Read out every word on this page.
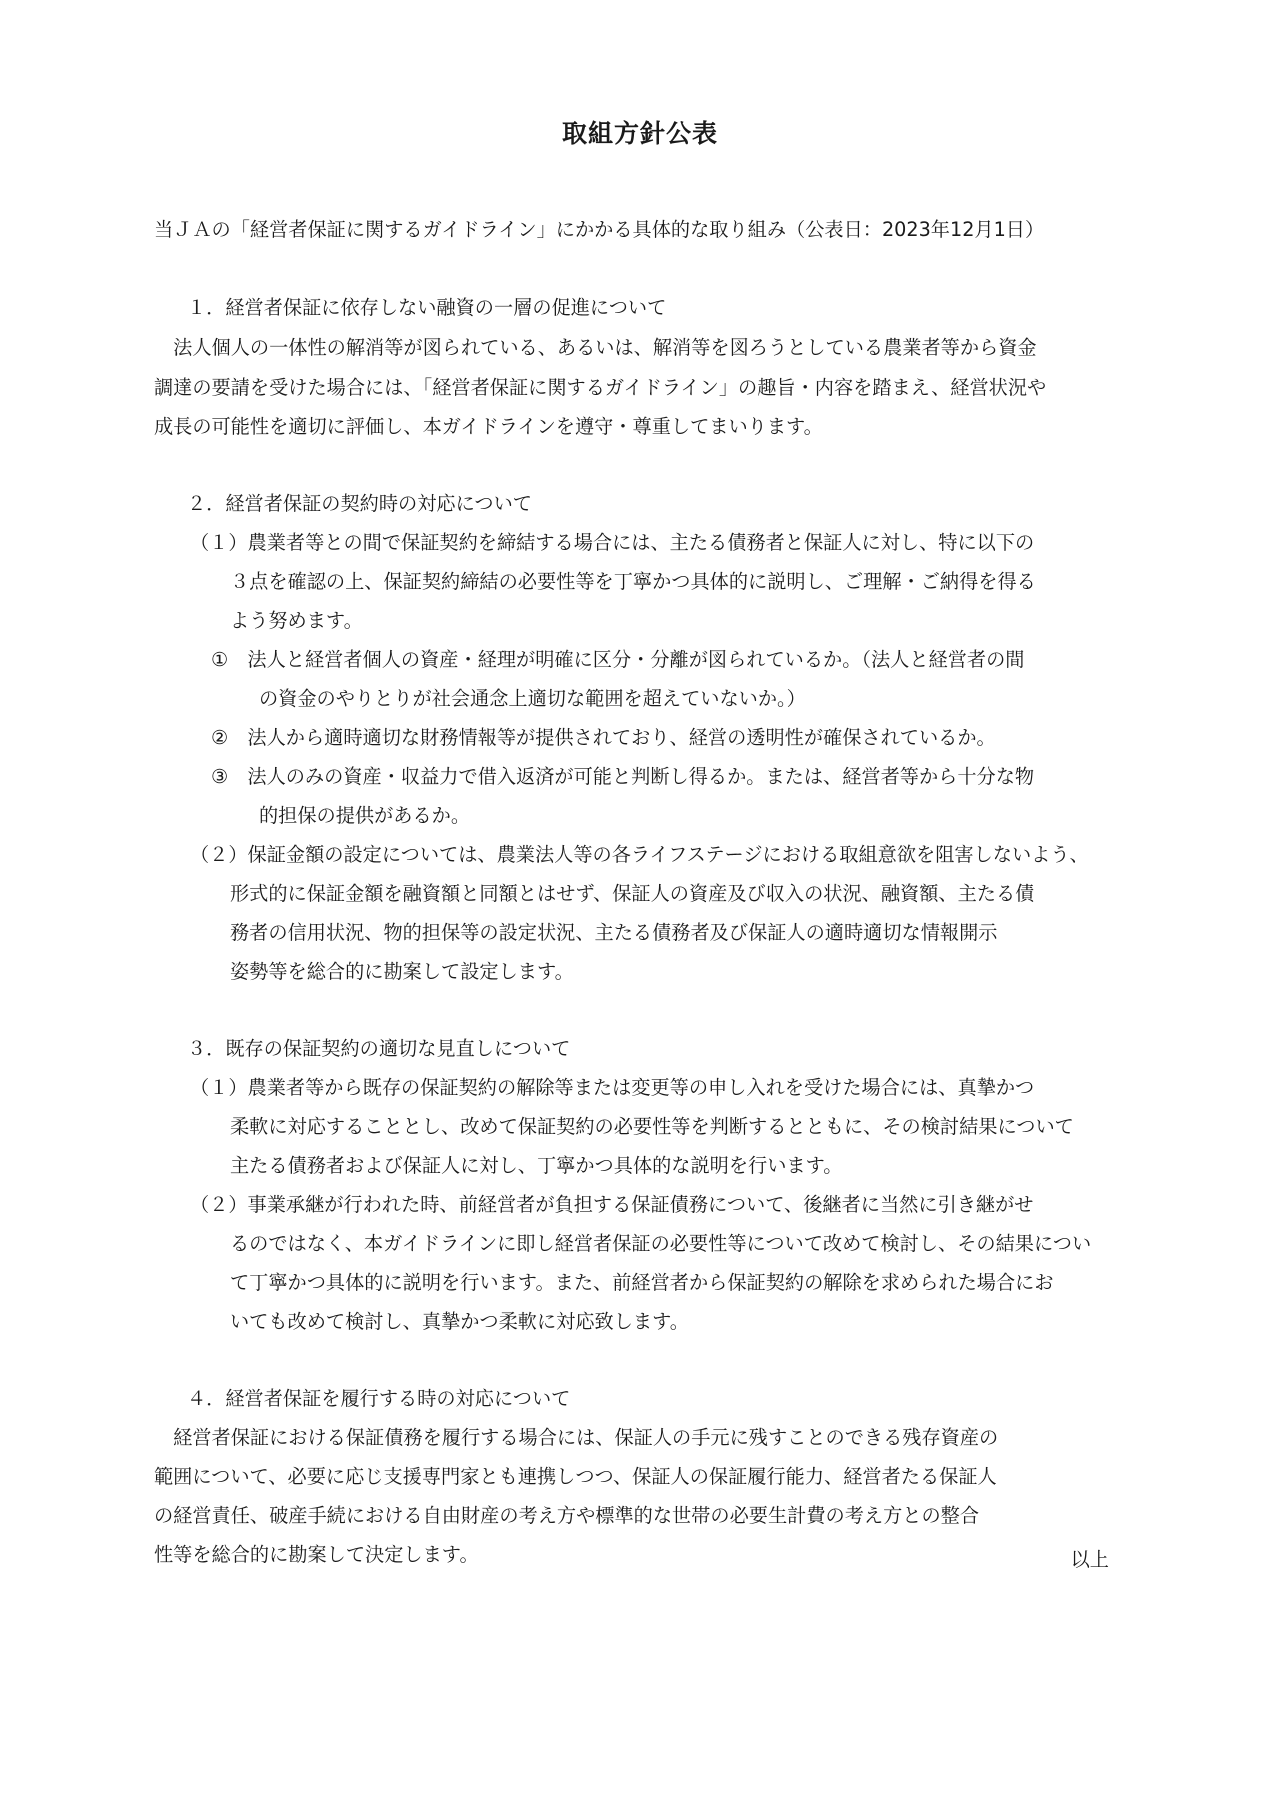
取組方針公表
当ＪＡの「経営者保証に関するガイドライン」にかかる具体的な取り組み（公表日：2023年12月1日）
１．経営者保証に依存しない融資の一層の促進について
　法人個人の一体性の解消等が図られている、あるいは、解消等を図ろうとしている農業者等から資金
調達の要請を受けた場合には、「経営者保証に関するガイドライン」の趣旨・内容を踏まえ、経営状況や
成長の可能性を適切に評価し、本ガイドラインを遵守・尊重してまいります。
２．経営者保証の契約時の対応について
（１）農業者等との間で保証契約を締結する場合には、主たる債務者と保証人に対し、特に以下の
３点を確認の上、保証契約締結の必要性等を丁寧かつ具体的に説明し、ご理解・ご納得を得る
よう努めます。
①　法人と経営者個人の資産・経理が明確に区分・分離が図られているか。（法人と経営者の間
の資金のやりとりが社会通念上適切な範囲を超えていないか。）
②　法人から適時適切な財務情報等が提供されており、経営の透明性が確保されているか。
③　法人のみの資産・収益力で借入返済が可能と判断し得るか。または、経営者等から十分な物
的担保の提供があるか。
（２）保証金額の設定については、農業法人等の各ライフステージにおける取組意欲を阻害しないよう、
形式的に保証金額を融資額と同額とはせず、保証人の資産及び収入の状況、融資額、主たる債
務者の信用状況、物的担保等の設定状況、主たる債務者及び保証人の適時適切な情報開示
姿勢等を総合的に勘案して設定します。
３．既存の保証契約の適切な見直しについて
（１）農業者等から既存の保証契約の解除等または変更等の申し入れを受けた場合には、真摯かつ
柔軟に対応することとし、改めて保証契約の必要性等を判断するとともに、その検討結果について
主たる債務者および保証人に対し、丁寧かつ具体的な説明を行います。
（２）事業承継が行われた時、前経営者が負担する保証債務について、後継者に当然に引き継がせ
るのではなく、本ガイドラインに即し経営者保証の必要性等について改めて検討し、その結果につい
て丁寧かつ具体的に説明を行います。また、前経営者から保証契約の解除を求められた場合にお
いても改めて検討し、真摯かつ柔軟に対応致します。
４．経営者保証を履行する時の対応について
　経営者保証における保証債務を履行する場合には、保証人の手元に残すことのできる残存資産の
範囲について、必要に応じ支援専門家とも連携しつつ、保証人の保証履行能力、経営者たる保証人
の経営責任、破産手続における自由財産の考え方や標準的な世帯の必要生計費の考え方との整合
性等を総合的に勘案して決定します。	以上
